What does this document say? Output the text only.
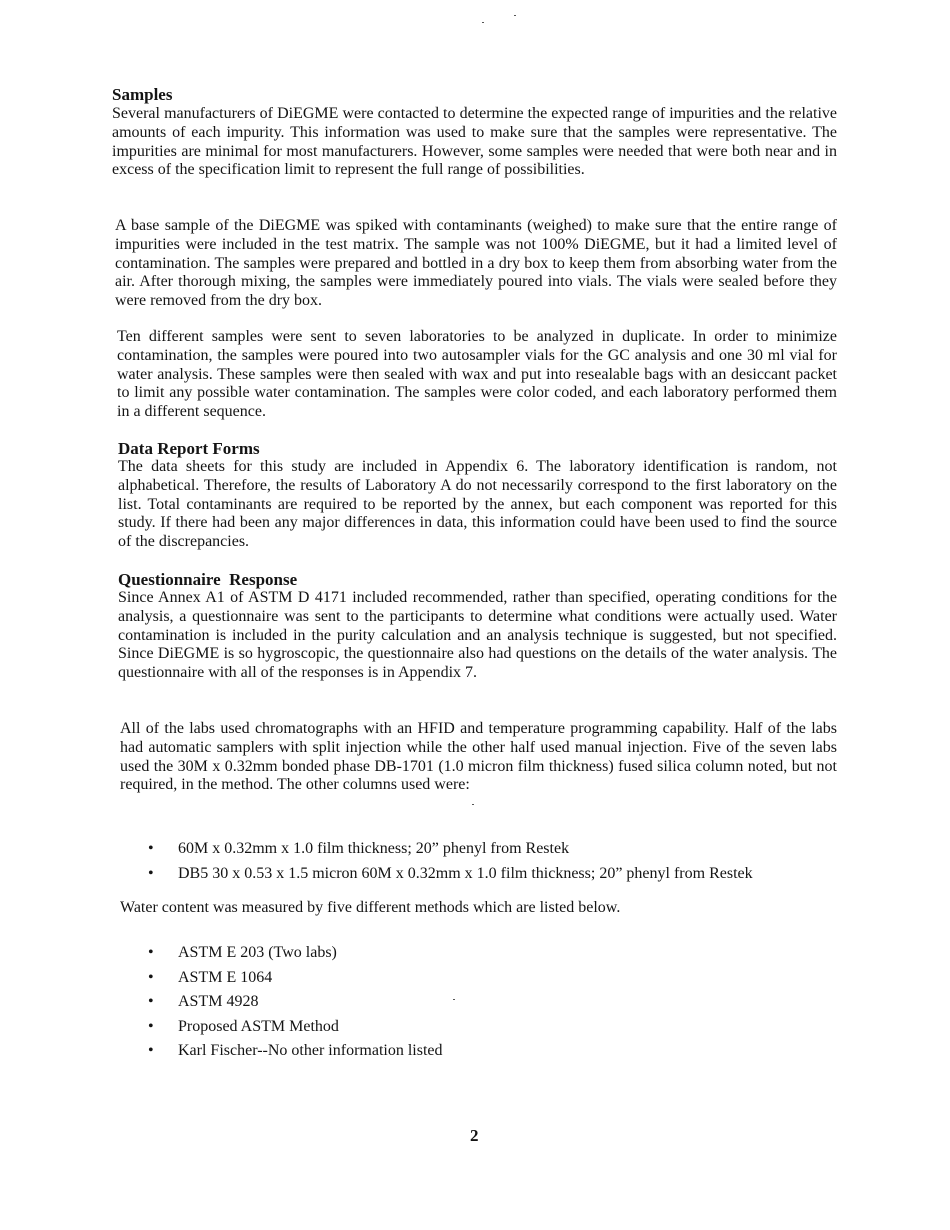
Samples

Several manufacturers of DiEGME were contacted to determine the expected range of impurities and the relative amounts of each impurity. This information was used to make sure that the samples were representative. The impurities are minimal for most manufacturers. However, some samples were needed that were both near and in excess of the specification limit to represent the full range of possibilities.

A base sample of the DiEGME was spiked with contaminants (weighed) to make sure that the entire range of impurities were included in the test matrix. The sample was not 100% DiEGME, but it had a limited level of contamination. The samples were prepared and bottled in a dry box to keep them from absorbing water from the air. After thorough mixing, the samples were immediately poured into vials. The vials were sealed before they were removed from the dry box.

Ten different samples were sent to seven laboratories to be analyzed in duplicate. In order to minimize contamination, the samples were poured into two autosampler vials for the GC analysis and one 30 ml vial for water analysis. These samples were then sealed with wax and put into resealable bags with an desiccant packet to limit any possible water contamination. The samples were color coded, and each laboratory performed them in a different sequence.

Data Report Forms

The data sheets for this study are included in Appendix 6. The laboratory identification is random, not alphabetical. Therefore, the results of Laboratory A do not necessarily correspond to the first laboratory on the list. Total contaminants are required to be reported by the annex, but each component was reported for this study. If there had been any major differences in data, this information could have been used to find the source of the discrepancies.

Questionnaire  Response

Since Annex A1 of ASTM D 4171 included recommended, rather than specified, operating conditions for the analysis, a questionnaire was sent to the participants to determine what conditions were actually used. Water contamination is included in the purity calculation and an analysis technique is suggested, but not specified. Since DiEGME is so hygroscopic, the questionnaire also had questions on the details of the water analysis. The questionnaire with all of the responses is in Appendix 7.

All of the labs used chromatographs with an HFID and temperature programming capability. Half of the labs had automatic samplers with split injection while the other half used manual injection. Five of the seven labs used the 30M x 0.32mm bonded phase DB-1701 (1.0 micron film thickness) fused silica column noted, but not required, in the method. The other columns used were:

• 60M x 0.32mm x 1.0 film thickness; 20” phenyl from Restek
• DB5 30 x 0.53 x 1.5 micron 60M x 0.32mm x 1.0 film thickness; 20” phenyl from Restek

Water content was measured by five different methods which are listed below.

• ASTM E 203 (Two labs)
• ASTM E 1064
• ASTM 4928
• Proposed ASTM Method
• Karl Fischer--No other information listed
2
